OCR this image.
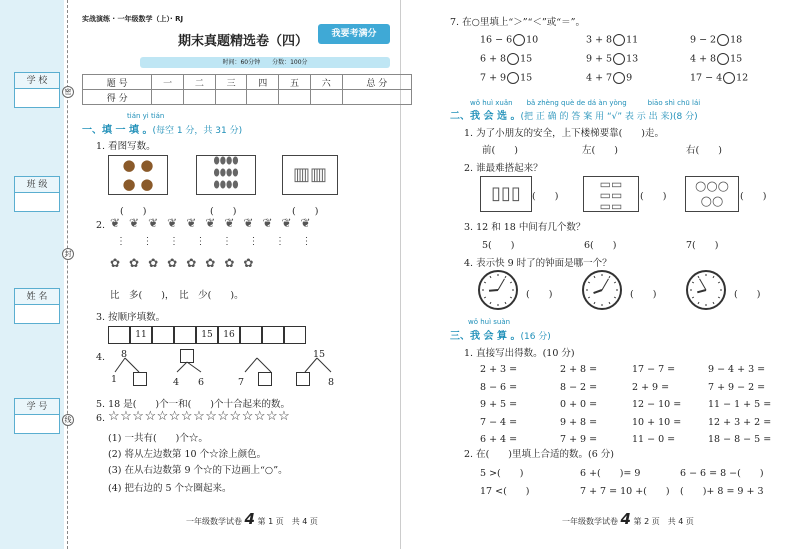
学 校
班 级
姓 名
学 号
密
封
线
实战演练 · 一年级数学（上）· RJ
期末真题精选卷（四）	我要考满分
时间：60分钟　　分数：100分
题 号	一	二	三	四	五	六	总 分
得 分							
tián yi tián
一、填 一 填 。(每空 1 分，共 31 分)
1. 看图写数。
● ●
● ●
⬮⬮⬮⬮
⬮⬮⬮⬮
⬮⬮⬮⬮
▥▥
(　　)	(　　)	(　　)
2. ❦❦❦❦❦❦❦❦❦❦❦
⋮⋮⋮⋮⋮⋮⋮⋮
✿✿✿✿✿✿✿✿
比　多(　　)，　比　少(　　)。
3. 按顺序填数。
11	15	16
4. 8	15
1	4 6	7	8
5. 18 是(　　)个一和(　　)个十合起来的数。
6. ☆☆☆☆☆☆☆☆☆☆☆☆☆☆☆
(1) 一共有(　　)个☆。
(2) 将从左边数第 10 个☆涂上颜色。
(3) 在从右边数第 9 个☆的下边画上“○”。
(4) 把右边的 5 个☆圈起来。
一年级数学试卷 4 第 1 页　共 4 页
7. 在○里填上“＞”“＜”或“＝”。
16 − 6 10	3 + 8 11	9 − 2 18
6 + 8 15	9 + 5 13	4 + 8 15
7 + 9 15	4 + 7 9	17 − 4 12
wǒ huì xuǎn　　bǎ zhèng què de dá àn yòng　　　biāo shì chū lái
二、我 会 选 。(把 正 确 的 答 案 用 “√” 表 示 出 来)(8 分)
1. 为了小朋友的安全，上下楼梯要靠(　　)走。
前(　　)	左(　　)	右(　　)
2. 谁最难搭起来？
▯▯▯	(　　)
▭▭
▭▭
▭▭
(　　)
○○○
○○	(　　)
3. 12 和 18 中间有几个数？
5(　　)	6(　　)	7(　　)
4. 表示快 9 时了的钟面是哪一个？
(　　)	(　　)	(　　)
wǒ huì suàn
三、我 会 算 。(16 分)
1. 直接写出得数。(10 分)
2 + 3 =	2 + 8 =	17 − 7 =	9 − 4 + 3 =
8 − 6 =	8 − 2 =	2 + 9 =	7 + 9 − 2 =
9 + 5 =	0 + 0 =	12 − 10 =	11 − 1 + 5 =
7 − 4 =	9 + 8 =	10 + 10 =	12 + 3 + 2 =
6 + 4 =	7 + 9 =	11 − 0 =	18 − 8 − 5 =
2. 在(　　)里填上合适的数。(6 分)
5 >(　　)	6 +(　　)= 9	6 − 6 = 8 −(　　)
17 <(　　)	7 + 7 = 10 +(　　) (　　)+ 8 = 9 + 3
一年级数学试卷 4 第 2 页　共 4 页
